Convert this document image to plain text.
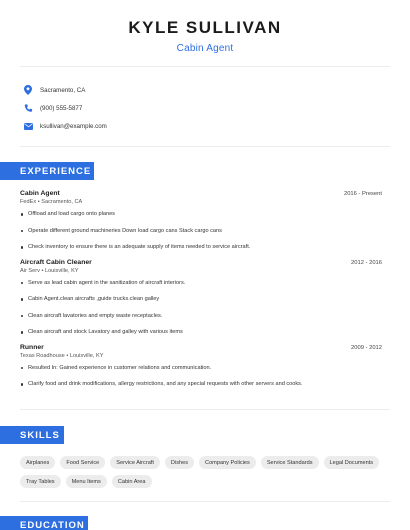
KYLE SULLIVAN
Cabin Agent
Sacramento, CA
(900) 555-5877
ksullivan@example.com
EXPERIENCE
Cabin Agent	2016 - Present
FedEx • Sacramento, CA
Offload and load cargo onto planes
Operate different ground machineries Down load cargo cans Stack cargo cans
Check inventory to ensure there is an adequate supply of items needed to service aircraft.
Aircraft Cabin Cleaner	2012 - 2016
Air Serv • Louisville, KY
Serve as lead cabin agent in the sanitization of aircraft interiors.
Cabin Agent.clean aircrafts ,guide trucks.clean galley
Clean aircraft lavatories and empty waste receptacles.
Clean aircraft and stock Lavatory and galley with various items
Runner	2009 - 2012
Texas Roadhouse • Louisville, KY
Resulted In: Gained experience in customer relations and communication.
Clarify food and drink modifications, allergy restrictions, and any special requests with other servers and cooks.
SKILLS
Airplanes	Food Service	Service Aircraft	Dishes	Company Policies	Service Standards	Legal Documents
Tray Tables	Menu Items	Cabin Area
EDUCATION
